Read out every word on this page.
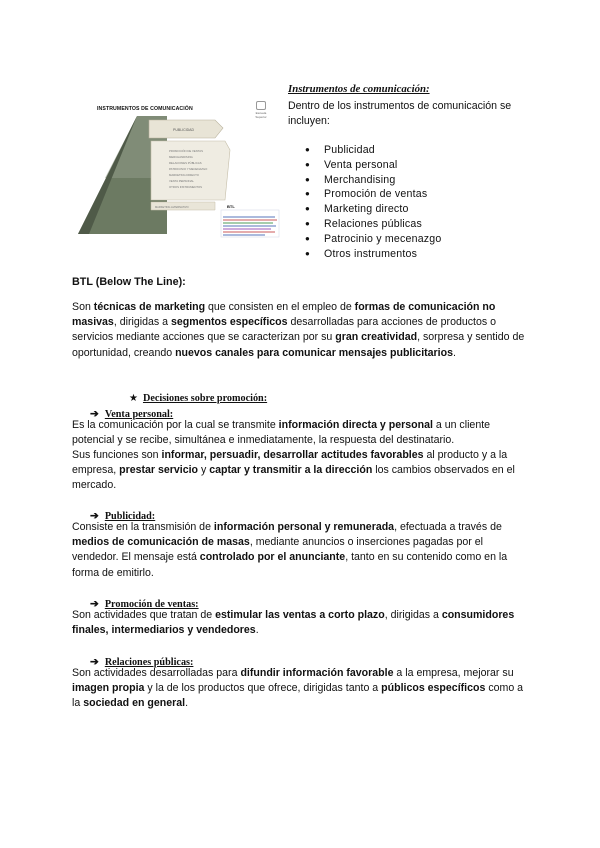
PUBLICIDAD
PROMOCIÓN DE VENTAS
MERCHANDISING
RELACIONES PÚBLICAS
PATROCINIO Y MECENAZGO
MARKETING DIRECTO
VENTA PERSONAL
OTROS INSTRUMENTOS
MARKETING ALTERNATIVO
INSTRUMENTOS DE COMUNICACIÓN
Escuela Superior
BTL
Instrumentos de comunicación:
Dentro de los instrumentos de comunicación se incluyen:
● Publicidad
● Venta personal
● Merchandising
● Promoción de ventas
● Marketing directo
● Relaciones públicas
● Patrocinio y mecenazgo
● Otros instrumentos
BTL (Below The Line):
Son técnicas de marketing que consisten en el empleo de formas de comunicación no masivas, dirigidas a segmentos específicos desarrolladas para acciones de productos o servicios mediante acciones que se caracterizan por su gran creatividad, sorpresa y sentido de oportunidad, creando nuevos canales para comunicar mensajes publicitarios.
★ Decisiones sobre promoción:
➔ Venta personal:
Es la comunicación por la cual se transmite información directa y personal a un cliente potencial y se recibe, simultánea e inmediatamente, la respuesta del destinatario.
Sus funciones son informar, persuadir, desarrollar actitudes favorables al producto y a la empresa, prestar servicio y captar y transmitir a la dirección los cambios observados en el mercado.
➔ Publicidad:
Consiste en la transmisión de información personal y remunerada, efectuada a través de medios de comunicación de masas, mediante anuncios o inserciones pagadas por el vendedor. El mensaje está controlado por el anunciante, tanto en su contenido como en la forma de emitirlo.
➔ Promoción de ventas:
Son actividades que tratan de estimular las ventas a corto plazo, dirigidas a consumidores finales, intermediarios y vendedores.
➔ Relaciones públicas:
Son actividades desarrolladas para difundir información favorable a la empresa, mejorar su imagen propia y la de los productos que ofrece, dirigidas tanto a públicos específicos como a la sociedad en general.
